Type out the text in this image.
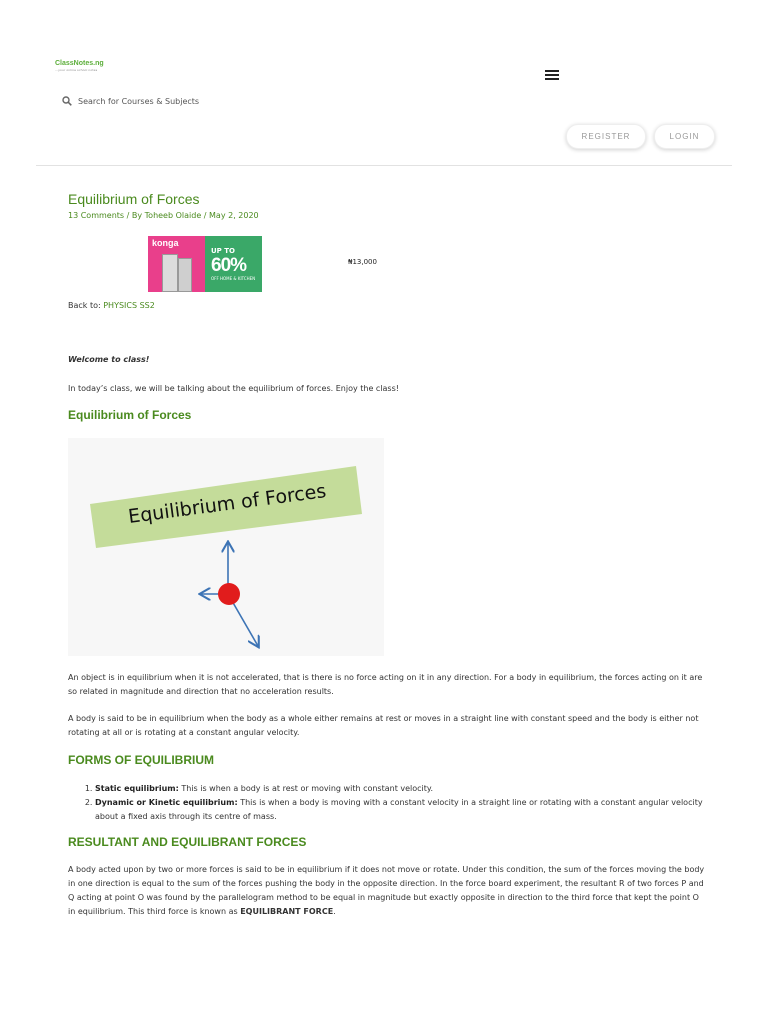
ClassNotes.ng
...your online school notes
Search for Courses & Subjects
REGISTER	LOGIN
Equilibrium of Forces
13 Comments / By Toheeb Olaide / May 2, 2020
konga
UP TO
60%
OFF HOME & KITCHEN
₦13,000
Back to: PHYSICS SS2
Welcome to class!
In today’s class, we will be talking about the equilibrium of forces. Enjoy the class!
Equilibrium of Forces
Equilibrium of Forces
An object is in equilibrium when it is not accelerated, that is there is no force acting on it in any direction. For a body in equilibrium, the forces acting on it are so related in magnitude and direction that no acceleration results.
A body is said to be in equilibrium when the body as a whole either remains at rest or moves in a straight line with constant speed and the body is either not rotating at all or is rotating at a constant angular velocity.
FORMS OF EQUILIBRIUM
1. Static equilibrium: This is when a body is at rest or moving with constant velocity.
2. Dynamic or Kinetic equilibrium: This is when a body is moving with a constant velocity in a straight line or rotating with a constant angular velocity about a fixed axis through its centre of mass.
RESULTANT AND EQUILIBRANT FORCES
A body acted upon by two or more forces is said to be in equilibrium if it does not move or rotate. Under this condition, the sum of the forces moving the body in one direction is equal to the sum of the forces pushing the body in the opposite direction. In the force board experiment, the resultant R of two forces P and Q acting at point O was found by the parallelogram method to be equal in magnitude but exactly opposite in direction to the third force that kept the point O in equilibrium. This third force is known as EQUILIBRANT FORCE.
